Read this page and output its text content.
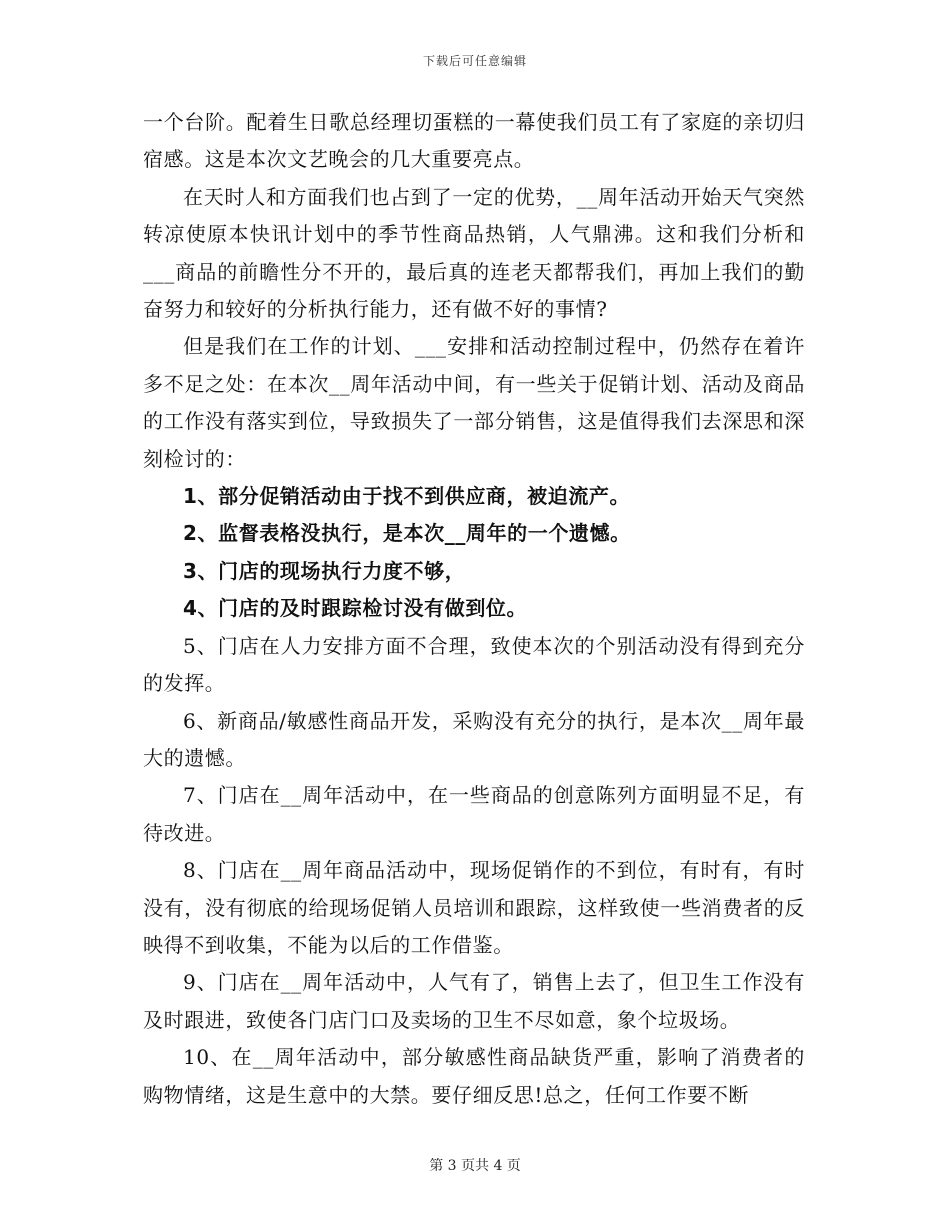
下载后可任意编辑

一个台阶。配着生日歌总经理切蛋糕的一幕使我们员工有了家庭的亲切归宿感。这是本次文艺晚会的几大重要亮点。

在天时人和方面我们也占到了一定的优势，__周年活动开始天气突然转凉使原本快讯计划中的季节性商品热销，人气鼎沸。这和我们分析和___商品的前瞻性分不开的，最后真的连老天都帮我们，再加上我们的勤奋努力和较好的分析执行能力，还有做不好的事情?

但是我们在工作的计划、___安排和活动控制过程中，仍然存在着许多不足之处：在本次__周年活动中间，有一些关于促销计划、活动及商品的工作没有落实到位，导致损失了一部分销售，这是值得我们去深思和深刻检讨的：

1、部分促销活动由于找不到供应商，被迫流产。

2、监督表格没执行，是本次__周年的一个遗憾。

3、门店的现场执行力度不够，

4、门店的及时跟踪检讨没有做到位。

5、门店在人力安排方面不合理，致使本次的个别活动没有得到充分的发挥。

6、新商品/敏感性商品开发，采购没有充分的执行，是本次__周年最大的遗憾。

7、门店在__周年活动中，在一些商品的创意陈列方面明显不足，有待改进。

8、门店在__周年商品活动中，现场促销作的不到位，有时有，有时没有，没有彻底的给现场促销人员培训和跟踪，这样致使一些消费者的反映得不到收集，不能为以后的工作借鉴。

9、门店在__周年活动中，人气有了，销售上去了，但卫生工作没有及时跟进，致使各门店门口及卖场的卫生不尽如意，象个垃圾场。

10、在__周年活动中，部分敏感性商品缺货严重，影响了消费者的购物情绪，这是生意中的大禁。要仔细反思!总之，任何工作要不断

第 3 页共 4 页
